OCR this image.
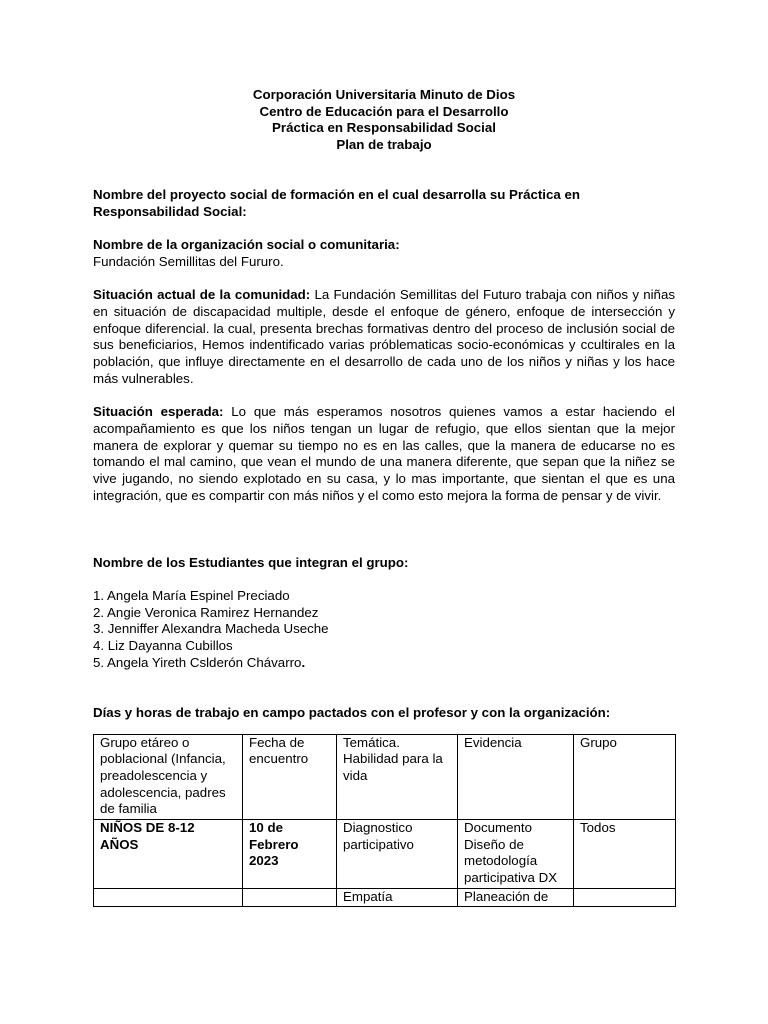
Corporación Universitaria Minuto de Dios
Centro de Educación para el Desarrollo
Práctica en Responsabilidad Social
Plan de trabajo

Nombre del proyecto social de formación en el cual desarrolla su Práctica en Responsabilidad Social:

Nombre de la organización social o comunitaria:

Fundación Semillitas del Fururo.

Situación actual de la comunidad: La Fundación Semillitas del Futuro trabaja con niños y niñas en situación de discapacidad multiple, desde el enfoque de género, enfoque de intersección y enfoque diferencial. la cual, presenta brechas formativas dentro del proceso de inclusión social de sus beneficiarios, Hemos indentificado varias próblematicas socio-económicas y ccultirales en la población, que influye directamente en el desarrollo de cada uno de los niños y niñas y los hace más vulnerables.

Situación esperada: Lo que más esperamos nosotros quienes vamos a estar haciendo el acompañamiento es que los niños tengan un lugar de refugio, que ellos sientan que la mejor manera de explorar y quemar su tiempo no es en las calles, que la manera de educarse no es tomando el mal camino, que vean el mundo de una manera diferente, que sepan que la niñez se vive jugando, no siendo explotado en su casa, y lo mas importante, que sientan el que es una integración, que es compartir con más niños y el como esto mejora la forma de pensar y de vivir.

Nombre de los Estudiantes que integran el grupo:

1. Angela María Espinel Preciado
2. Angie Veronica Ramirez Hernandez
3. Jenniffer Alexandra Macheda Useche
4. Liz Dayanna Cubillos
5. Angela Yireth Cslderón Chávarro.

Días y horas de trabajo en campo pactados con el profesor y con la organización:

Grupo etáreo o poblacional (Infancia, preadolescencia y adolescencia, padres de familia	Fecha de encuentro	Temática. Habilidad para la vida	Evidencia	Grupo
NIÑOS DE 8-12 AÑOS	10 de Febrero 2023	Diagnostico participativo	Documento Diseño de metodología participativa DX	Todos

		Empatía	Planeación de	
